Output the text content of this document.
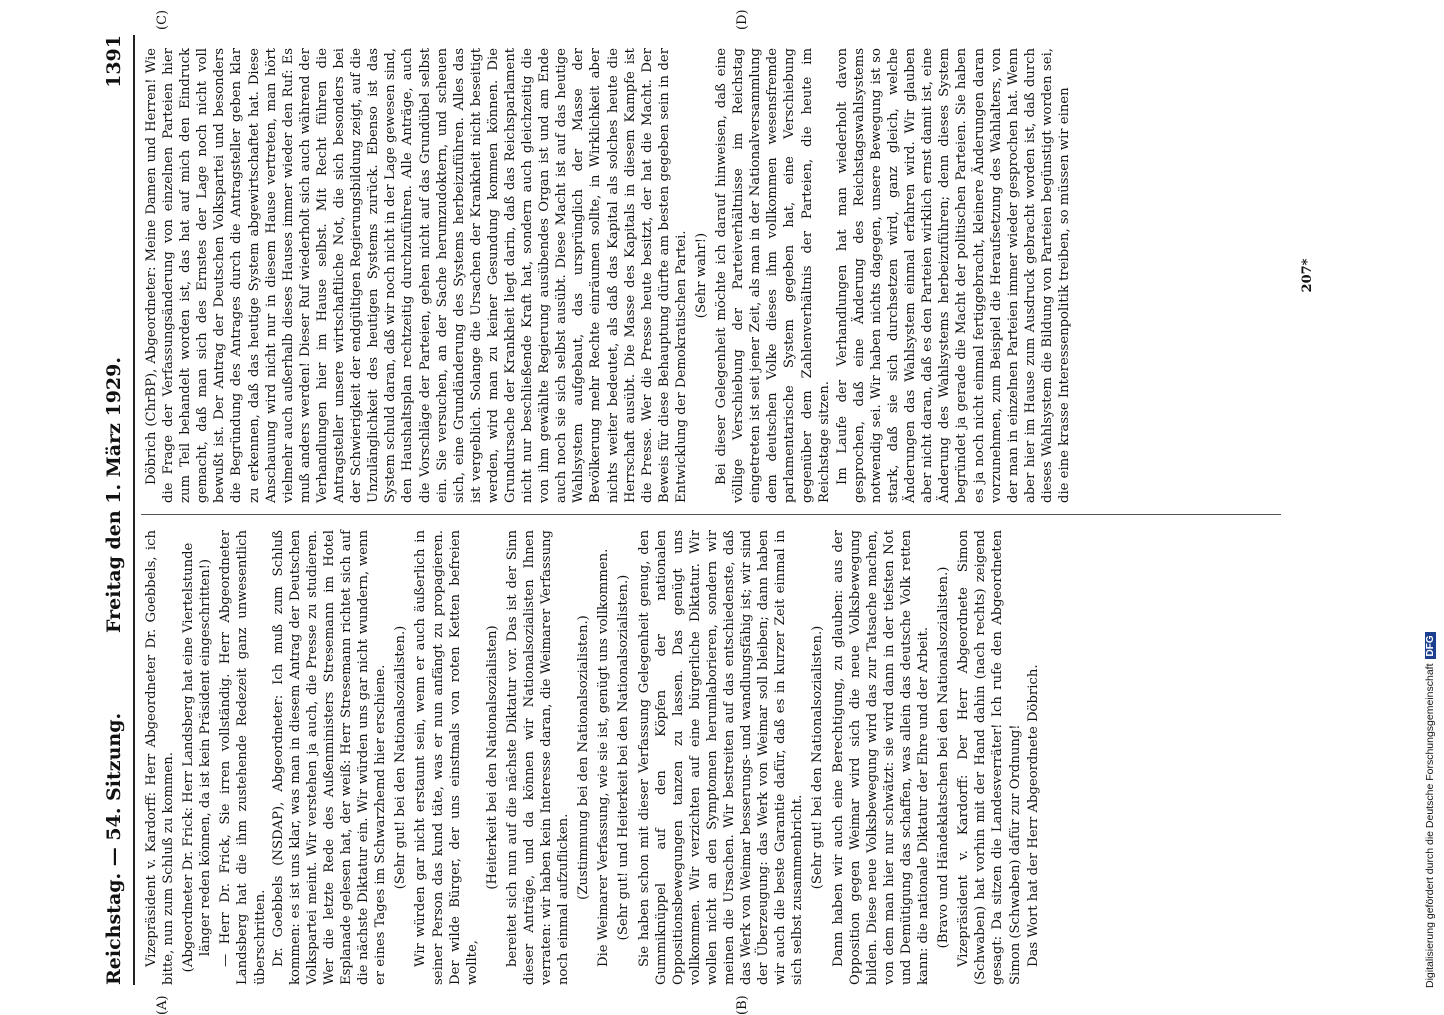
Reichstag. — 54. Sitzung.
Freitag den 1. März 1929.
1391
(A)	(B)
(C)	(D)

Vizepräsident v. Kardorff: Herr Abgeordneter Dr. Goebbels, ich bitte, nun zum Schluß zu kommen. (Abgeordneter Dr. Frick: Herr Landsberg hat eine Viertelstunde länger reden können, da ist kein Präsident eingeschritten!) — Herr Dr. Frick, Sie irren vollständig. Herr Abgeordneter Landsberg hat die ihm zustehende Redezeit ganz unwesentlich überschritten. Dr. Goebbels (NSDAP), Abgeordneter: Ich muß zum Schluß kommen: es ist uns klar, was man in diesem Antrag der Deutschen Volkspartei meint. Wir verstehen ja auch, die Presse zu studieren. Wer die letzte Rede des Außenministers Stresemann im Hotel Esplanade gelesen hat, der weiß: Herr Stresemann richtet sich auf die nächste Diktatur ein. Wir würden uns gar nicht wundern, wenn er eines Tages im Schwarzhemd hier erschiene. (Sehr gut! bei den Nationalsozialisten.) Wir würden gar nicht erstaunt sein, wenn er auch äußerlich in seiner Person das kund täte, was er nun anfängt zu propagieren. Der wilde Bürger, der uns einstmals von roten Ketten befreien wollte,

(Heiterkeit bei den Nationalsozialisten) bereitet sich nun auf die nächste Diktatur vor. Das ist der Sinn dieser Anträge, und da können wir Nationalsozialisten Ihnen verraten: wir haben kein Interesse daran, die Weimarer Verfassung noch einmal aufzuflicken. (Zustimmung bei den Nationalsozialisten.) Die Weimarer Verfassung, wie sie ist, genügt uns vollkommen. (Sehr gut! und Heiterkeit bei den Nationalsozialisten.) Sie haben schon mit dieser Verfassung Gelegenheit genug, den Gummiknüppel auf den Köpfen der nationalen Oppositionsbewegungen tanzen zu lassen. Das genügt uns vollkommen. Wir verzichten auf eine bürgerliche Diktatur. Wir wollen nicht an den Symptomen herumlaborieren, sondern wir meinen die Ursachen. Wir bestreiten auf das entschiedenste, daß das Werk von Weimar besserungs- und wandlungsfähig ist; wir sind der Überzeugung: das Werk von Weimar soll bleiben; dann haben wir auch die beste Garantie dafür, daß es in kurzer Zeit einmal in sich selbst zusammenbricht.

(Sehr gut! bei den Nationalsozialisten.) Dann haben wir auch eine Berechtigung, zu glauben: aus der Opposition gegen Weimar wird sich die neue Volksbewegung bilden. Diese neue Volksbewegung wird das zur Tatsache machen, von dem man hier nur schwätzt: sie wird dann in der tiefsten Not und Demütigung das schaffen, was allein das deutsche Volk retten kann: die nationale Diktatur der Ehre und der Arbeit. (Bravo und Händeklatschen bei den Nationalsozialisten.) Vizepräsident v. Kardorff: Der Herr Abgeordnete Simon (Schwaben) hat vorhin mit der Hand dahin (nach rechts) zeigend gesagt: Da sitzen die Landesverräter! Ich rufe den Abgeordneten Simon (Schwaben) dafür zur Ordnung! Das Wort hat der Herr Abgeordnete Döbrich.

Döbrich (ChrBP), Abgeordneter: Meine Damen und Herren! Wie die Frage der Verfassungsänderung von einzelnen Parteien hier zum Teil behandelt worden ist, das hat auf mich den Eindruck gemacht, daß man sich des Ernstes der Lage noch nicht voll bewußt ist. Der Antrag der Deutschen Volkspartei und besonders die Begründung des Antrages durch die Antragsteller geben klar zu erkennen, daß das heutige System abgewirtschaftet hat. Diese Anschauung wird nicht nur in diesem Hause vertreten, man hört vielmehr auch außerhalb dieses Hauses immer wieder den Ruf: Es muß anders werden! Dieser Ruf wiederholt sich auch während der Verhandlungen hier im Hause selbst. Mit Recht führen die Antragsteller unsere wirtschaftliche Not, die sich besonders bei der Schwierigkeit der endgültigen Regierungsbildung zeigt, auf die Unzulänglichkeit des heutigen Systems zurück. Ebenso ist das System schuld daran, daß wir noch nicht in der Lage gewesen sind, den Haushaltsplan rechtzeitig durchzuführen. Alle Anträge, auch die Vorschläge der Parteien, gehen nicht auf das Grundübel selbst ein. Sie versuchen, an der Sache herumzudoktern, und scheuen sich, eine Grundänderung des Systems herbeizuführen. Alles das ist vergeblich. Solange die Ursachen der Krankheit nicht beseitigt werden, wird man zu keiner Gesundung kommen können. Die Grundursache der Krankheit liegt darin, daß das Reichsparlament nicht nur beschließende Kraft hat, sondern auch gleichzeitig die von ihm gewählte Regierung ausübendes Organ ist und am Ende auch noch sie sich selbst ausübt. Diese Macht ist auf das heutige Wahlsystem aufgebaut, das ursprünglich der Masse der Bevölkerung mehr Rechte einräumen sollte, in Wirklichkeit aber nichts weiter bedeutet, als daß das Kapital als solches heute die Herrschaft ausübt. Die Masse des Kapitals in diesem Kampfe ist die Presse. Wer die Presse heute besitzt, der hat die Macht. Der Beweis für diese Behauptung dürfte am besten gegeben sein in der Entwicklung der Demokratischen Partei. (Sehr wahr!) Bei dieser Gelegenheit möchte ich darauf hinweisen, daß eine völlige Verschiebung der Parteiverhältnisse im Reichstag eingetreten ist seit jener Zeit, als man in der Nationalversammlung dem deutschen Volke dieses ihm vollkommen wesensfremde parlamentarische System gegeben hat, eine Verschiebung gegenüber dem Zahlenverhältnis der Parteien, die heute im Reichstage sitzen. Im Laufe der Verhandlungen hat man wiederholt davon gesprochen, daß eine Änderung des Reichstagswahlsystems notwendig sei. Wir haben nichts dagegen, unsere Bewegung ist so stark, daß sie sich durchsetzen wird, ganz gleich, welche Änderungen das Wahlsystem einmal erfahren wird. Wir glauben aber nicht daran, daß es den Parteien wirklich ernst damit ist, eine Änderung des Wahlsystems herbeizuführen; denn dieses System begründet ja gerade die Macht der politischen Parteien. Sie haben es ja noch nicht einmal fertiggebracht, kleinere Änderungen daran vorzunehmen, zum Beispiel die Heraufsetzung des Wahlalters, von der man in einzelnen Parteien immer wieder gesprochen hat. Wenn aber hier im Hause zum Ausdruck gebracht worden ist, daß durch dieses Wahlsystem die Bildung von Parteien begünstigt worden sei, die eine krasse Interessenpolitik treiben, so müssen wir einen	207*
Digitalisierung gefördert durch die Deutsche ForschungsgemeinschaftDFG
